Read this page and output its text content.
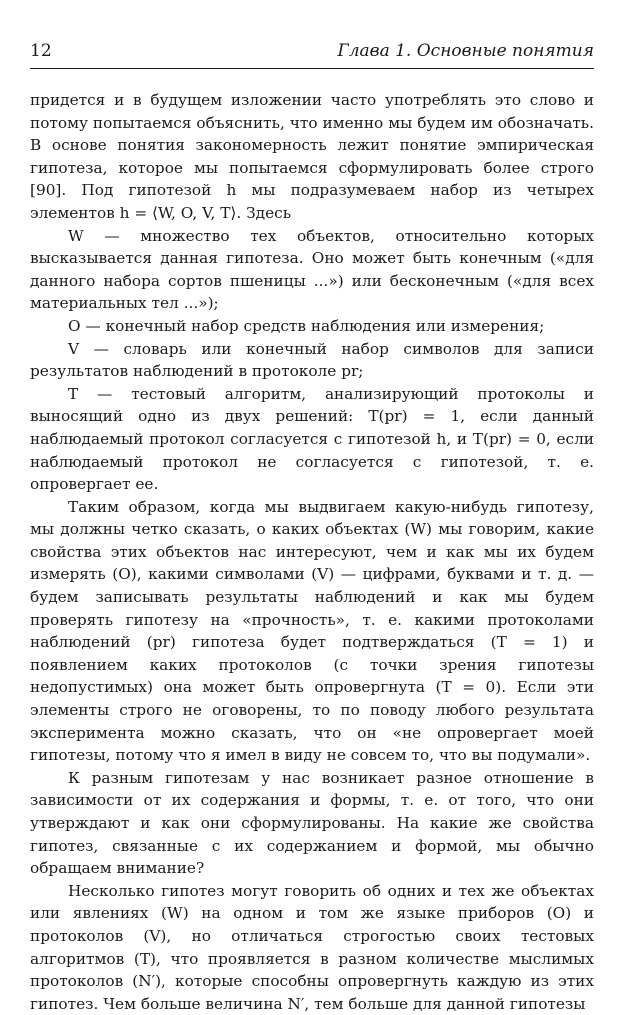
12	Глава 1. Основные понятия

придется и в будущем изложении часто употреблять это слово и потому попытаемся объяснить, что именно мы будем им обозначать. В основе понятия закономерность лежит понятие эмпирическая гипотеза, которое мы попытаемся сформулировать более строго [90]. Под гипотезой h мы подразумеваем набор из четырех элементов h = ⟨W, O, V, T⟩. Здесь

W — множество тех объектов, относительно которых высказывается данная гипотеза. Оно может быть конечным («для данного набора сортов пшеницы ...») или бесконечным («для всех материальных тел ...»);

O — конечный набор средств наблюдения или измерения;

V — словарь или конечный набор символов для записи результатов наблюдений в протоколе pr;

T — тестовый алгоритм, анализирующий протоколы и выносящий одно из двух решений: T(pr) = 1, если данный наблюдаемый протокол согласуется с гипотезой h, и T(pr) = 0, если наблюдаемый протокол не согласуется с гипотезой, т. е. опровергает ее.

Таким образом, когда мы выдвигаем какую-нибудь гипотезу, мы должны четко сказать, о каких объектах (W) мы говорим, какие свойства этих объектов нас интересуют, чем и как мы их будем измерять (O), какими символами (V) — цифрами, буквами и т. д. — будем записывать результаты наблюдений и как мы будем проверять гипотезу на «прочность», т. е. какими протоколами наблюдений (pr) гипотеза будет подтверждаться (T = 1) и появлением каких протоколов (с точки зрения гипотезы недопустимых) она может быть опровергнута (T = 0). Если эти элементы строго не оговорены, то по поводу любого результата эксперимента можно сказать, что он «не опровергает моей гипотезы, потому что я имел в виду не совсем то, что вы подумали».

К разным гипотезам у нас возникает разное отношение в зависимости от их содержания и формы, т. е. от того, что они утверждают и как они сформулированы. На какие же свойства гипотез, связанные с их содержанием и формой, мы обычно обращаем внимание?

Несколько гипотез могут говорить об одних и тех же объектах или явлениях (W) на одном и том же языке приборов (O) и протоколов (V), но отличаться строгостью своих тестовых алгоритмов (T), что проявляется в разном количестве мыслимых протоколов (N′), которые способны опровергнуть каждую из этих гипотез. Чем больше величина N′, тем больше для данной гипотезы
